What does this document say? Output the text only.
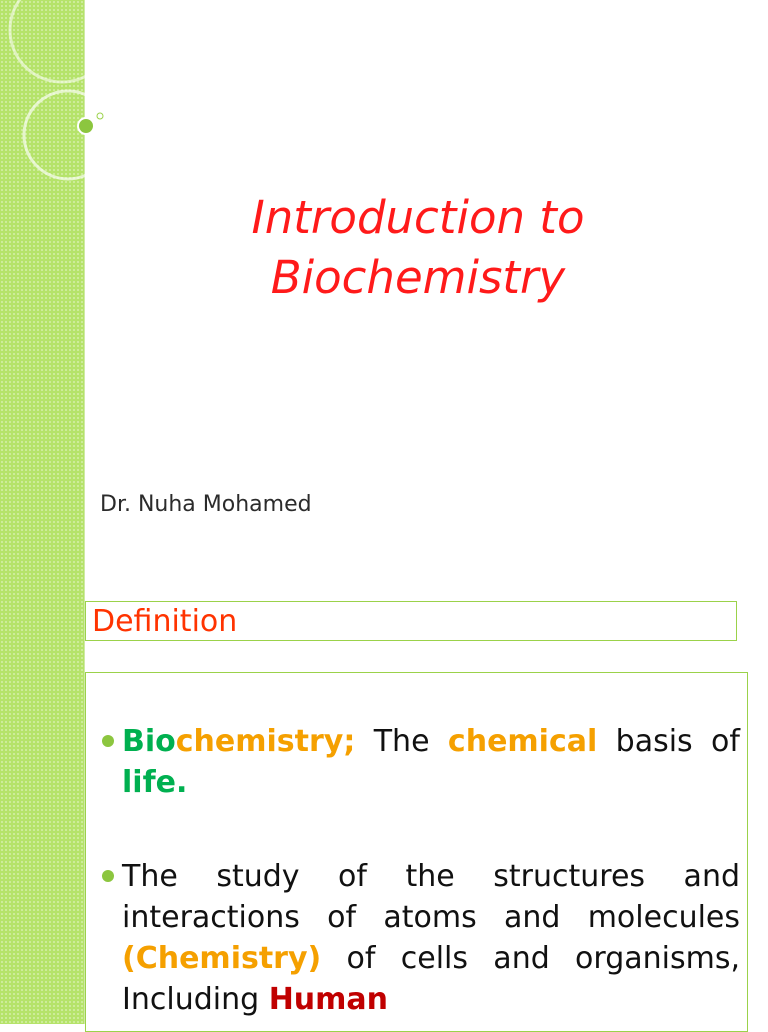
Introduction to Biochemistry
Dr. Nuha Mohamed
Definition
Biochemistry; The chemical basis of life.
The study of the structures and interactions of atoms and molecules (Chemistry) of cells and organisms, Including Human
